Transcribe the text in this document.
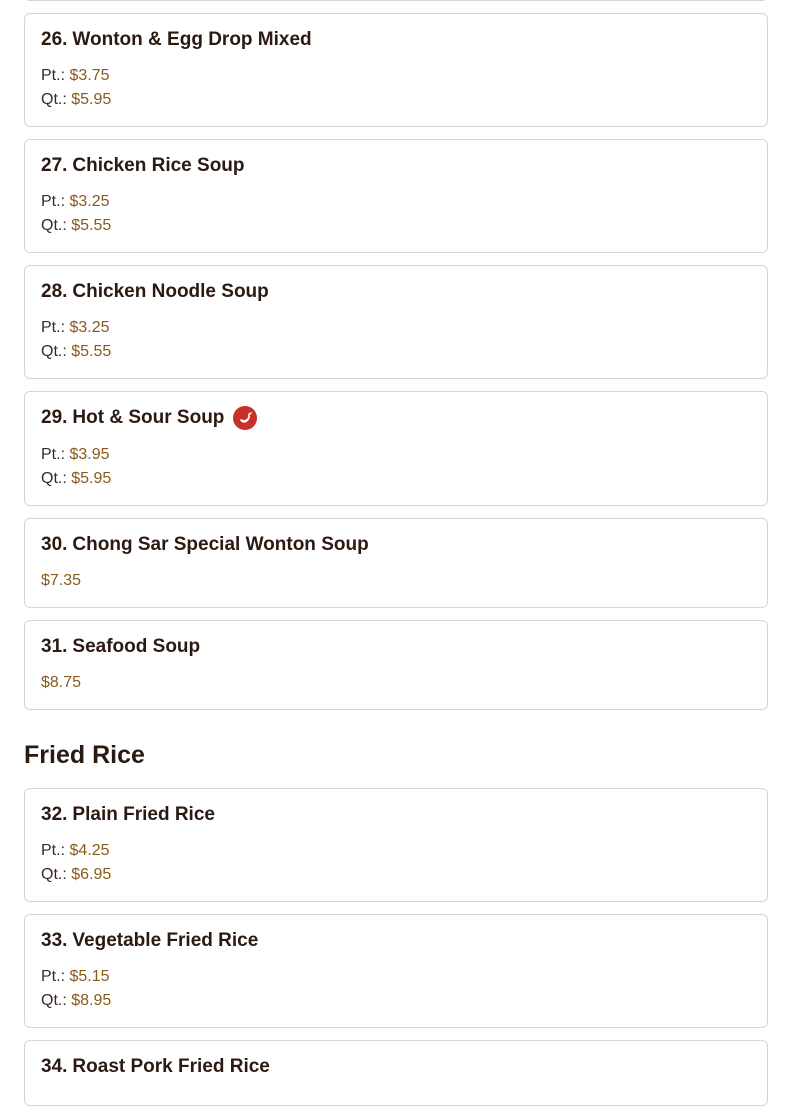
26. Wonton & Egg Drop Mixed
Pt.: $3.75
Qt.: $5.95
27. Chicken Rice Soup
Pt.: $3.25
Qt.: $5.55
28. Chicken Noodle Soup
Pt.: $3.25
Qt.: $5.55
29. Hot & Sour Soup
Pt.: $3.95
Qt.: $5.95
30. Chong Sar Special Wonton Soup
$7.35
31. Seafood Soup
$8.75
Fried Rice
32. Plain Fried Rice
Pt.: $4.25
Qt.: $6.95
33. Vegetable Fried Rice
Pt.: $5.15
Qt.: $8.95
34. Roast Pork Fried Rice
